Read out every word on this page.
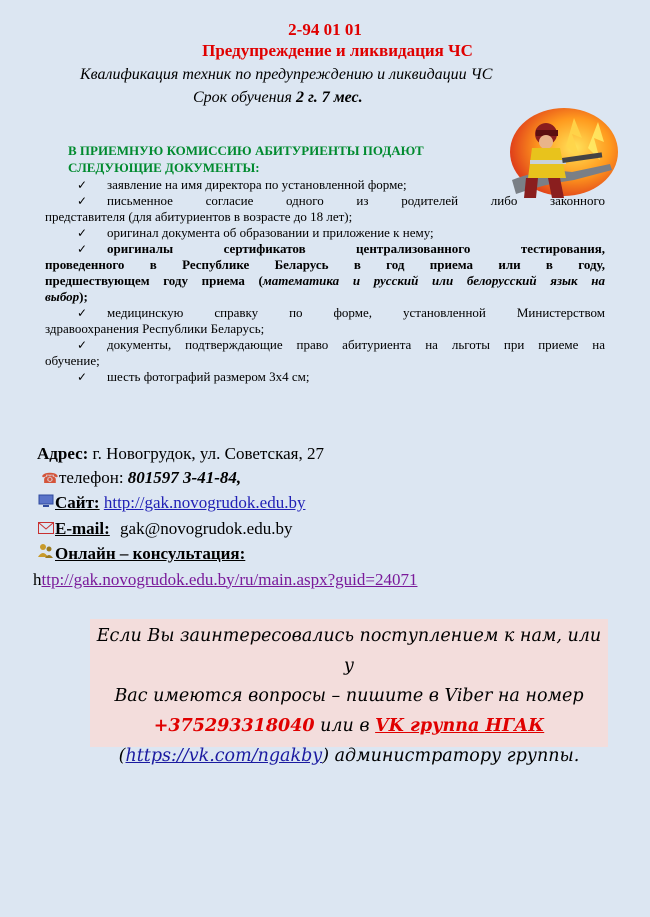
2-94 01 01
Предупреждение и ликвидация ЧС
Квалификация техник по предупреждению и ликвидации ЧС
Срок обучения 2 г. 7 мес.
В ПРИЕМНУЮ КОМИССИЮ АБИТУРИЕНТЫ ПОДАЮТ
СЛЕДУЮЩИЕ ДОКУМЕНТЫ:
✓	заявление на имя директора по установленной форме;
✓	письменное согласие одного из родителей либо законного
представителя (для абитуриентов в возрасте до 18 лет);
✓	оригинал документа об образовании и приложение к нему;
✓	оригиналы сертификатов централизованного тестирования,
проведенного в Республике Беларусь в год приема или в году,
предшествующем году приема (математика и русский или белорусский язык на
выбор);
✓	медицинскую справку по форме, установленной Министерством
здравоохранения Республики Беларусь;
✓	документы, подтверждающие право абитуриента на льготы при приеме на
обучение;
✓	шесть фотографий размером 3х4 см;
Адрес: г. Новогрудок, ул. Советская, 27
☎телефон: 801597 3-41-84,
Сайт: http://gak.novogrudok.edu.by
E-mail: gak@novogrudok.edu.by
Онлайн – консультация:
http://gak.novogrudok.edu.by/ru/main.aspx?guid=24071
Если Вы заинтересовались поступлением к нам, или у
Вас имеются вопросы – пишите в Viber на номер
+375293318040 или в VK группа НГАК
(https://vk.com/ngakby) администратору группы.
